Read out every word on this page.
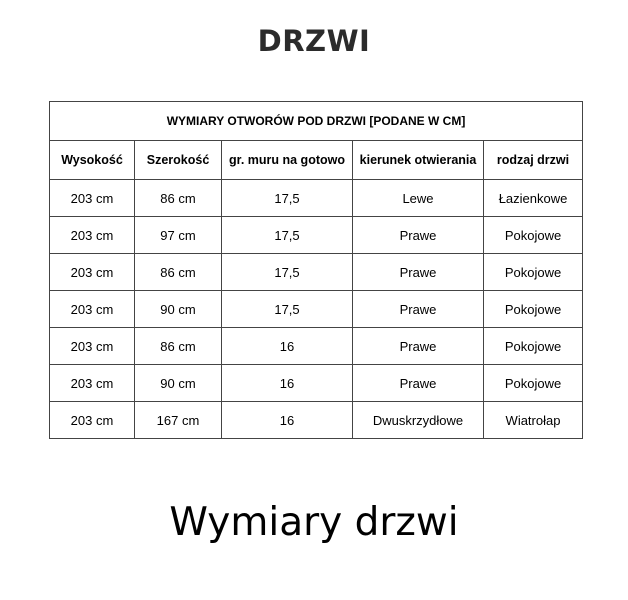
DRZWI
WYMIARY OTWORÓW POD DRZWI [PODANE W CM]				
Wysokość	Szerokość	gr. muru na gotowo	kierunek otwierania	rodzaj drzwi
203 cm	86 cm	17,5	Lewe	Łazienkowe
203 cm	97 cm	17,5	Prawe	Pokojowe
203 cm	86 cm	17,5	Prawe	Pokojowe
203 cm	90 cm	17,5	Prawe	Pokojowe
203 cm	86 cm	16	Prawe	Pokojowe
203 cm	90 cm	16	Prawe	Pokojowe
203 cm	167 cm	16	Dwuskrzydłowe	Wiatrołap
Wymiary drzwi
